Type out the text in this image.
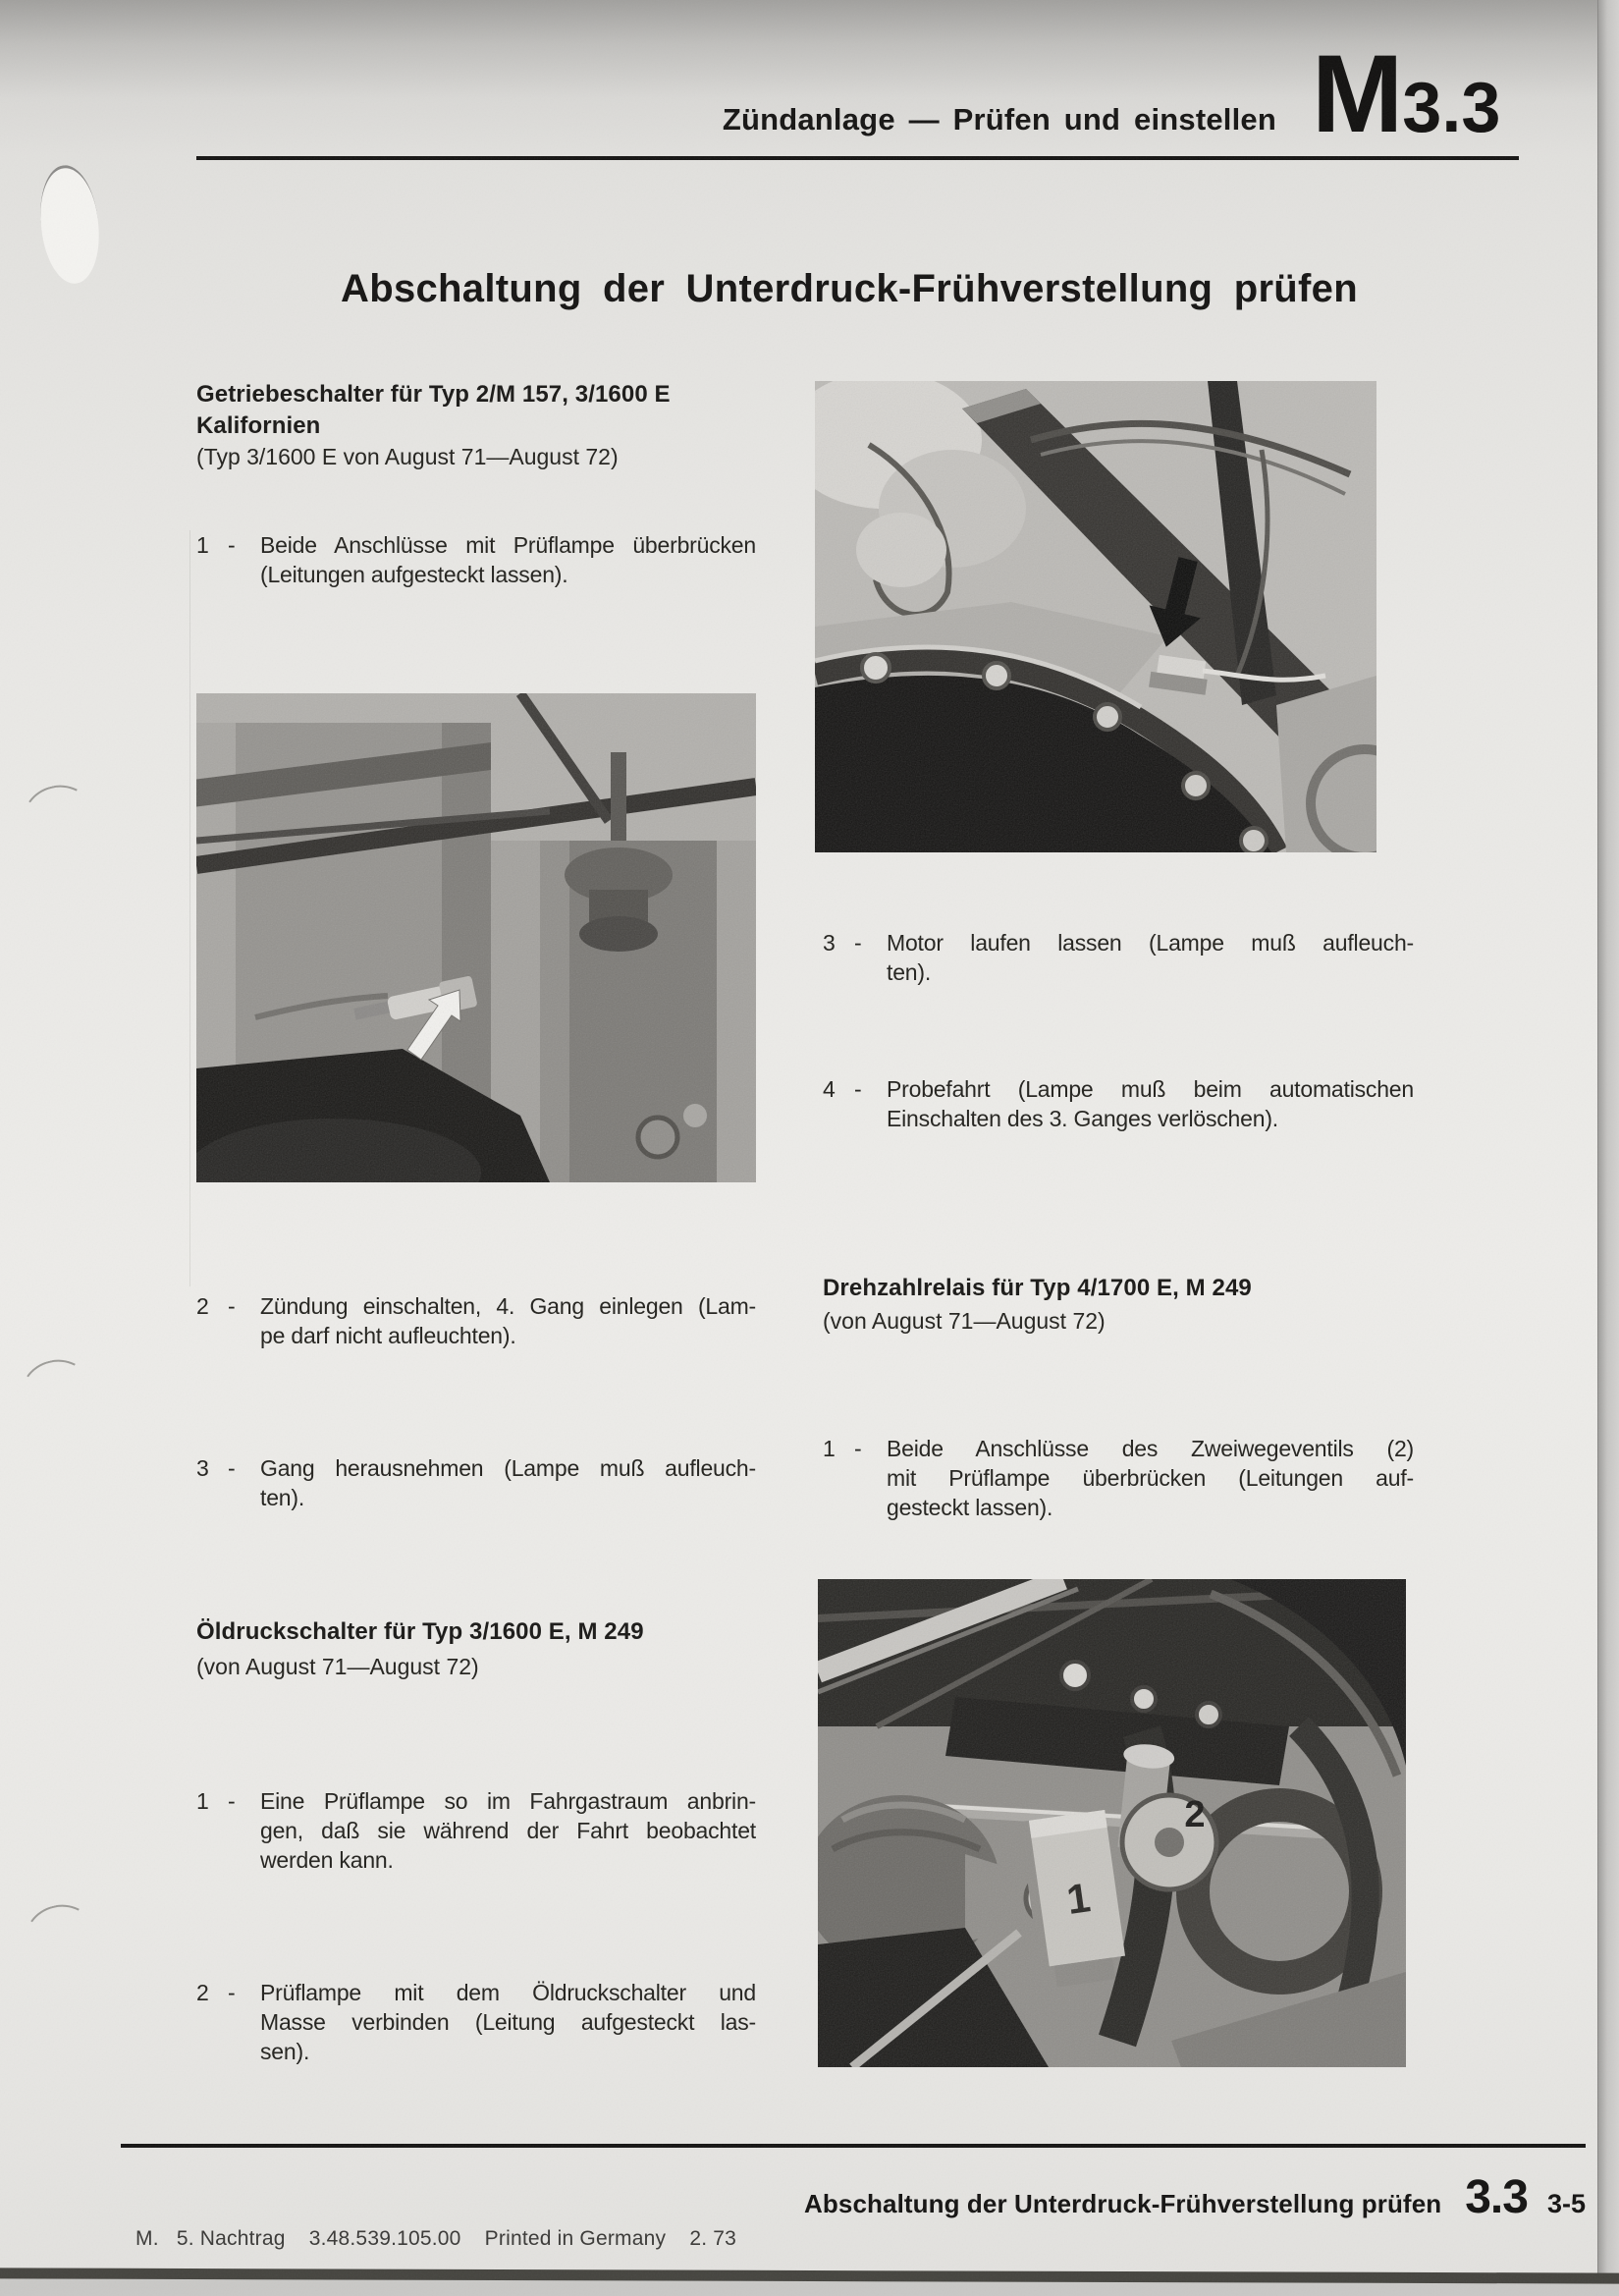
Zündanlage — Prüfen und einstellen M 3.3
Abschaltung der Unterdruck-Frühverstellung prüfen
Getriebeschalter für Typ 2/M 157, 3/1600 E
Kalifornien
(Typ 3/1600 E von August 71—August 72)
1 -	Beide Anschlüsse mit Prüflampe überbrücken
(Leitungen aufgesteckt lassen).
2 -	Zündung einschalten, 4. Gang einlegen (Lam-
pe darf nicht aufleuchten).
3 -	Gang herausnehmen (Lampe muß aufleuch-
ten).
Öldruckschalter für Typ 3/1600 E, M 249
(von August 71—August 72)
1 -	Eine Prüflampe so im Fahrgastraum anbrin-
gen, daß sie während der Fahrt beobachtet
werden kann.
2 -	Prüflampe mit dem Öldruckschalter und
Masse verbinden (Leitung aufgesteckt las-
sen).
3 -	Motor laufen lassen (Lampe muß aufleuch-
ten).
4 -	Probefahrt (Lampe muß beim automatischen
Einschalten des 3. Ganges verlöschen).
Drehzahlrelais für Typ 4/1700 E, M 249
(von August 71—August 72)
1 -	Beide Anschlüsse des Zweiwegeventils (2)
mit Prüflampe überbrücken (Leitungen auf-
gesteckt lassen).
2
1
Abschaltung der Unterdruck-Frühverstellung prüfen 3.3 3-5
M.   5. Nachtrag    3.48.539.105.00    Printed in Germany    2. 73
